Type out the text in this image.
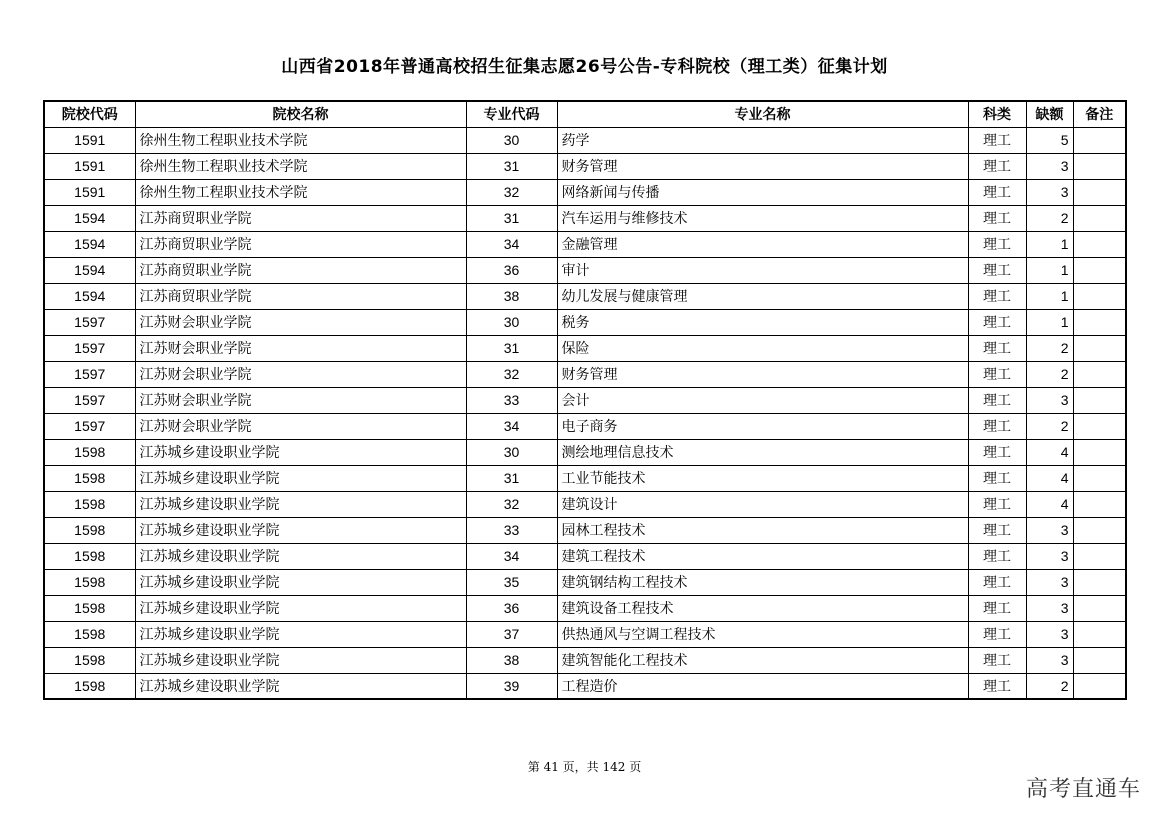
山西省2018年普通高校招生征集志愿26号公告-专科院校（理工类）征集计划
院校代码	院校名称	专业代码	专业名称	科类	缺额	备注
1591	徐州生物工程职业技术学院	30	药学	理工	5	
1591	徐州生物工程职业技术学院	31	财务管理	理工	3	
1591	徐州生物工程职业技术学院	32	网络新闻与传播	理工	3	
1594	江苏商贸职业学院	31	汽车运用与维修技术	理工	2	
1594	江苏商贸职业学院	34	金融管理	理工	1	
1594	江苏商贸职业学院	36	审计	理工	1	
1594	江苏商贸职业学院	38	幼儿发展与健康管理	理工	1	
1597	江苏财会职业学院	30	税务	理工	1	
1597	江苏财会职业学院	31	保险	理工	2	
1597	江苏财会职业学院	32	财务管理	理工	2	
1597	江苏财会职业学院	33	会计	理工	3	
1597	江苏财会职业学院	34	电子商务	理工	2	
1598	江苏城乡建设职业学院	30	测绘地理信息技术	理工	4	
1598	江苏城乡建设职业学院	31	工业节能技术	理工	4	
1598	江苏城乡建设职业学院	32	建筑设计	理工	4	
1598	江苏城乡建设职业学院	33	园林工程技术	理工	3	
1598	江苏城乡建设职业学院	34	建筑工程技术	理工	3	
1598	江苏城乡建设职业学院	35	建筑钢结构工程技术	理工	3	
1598	江苏城乡建设职业学院	36	建筑设备工程技术	理工	3	
1598	江苏城乡建设职业学院	37	供热通风与空调工程技术	理工	3	
1598	江苏城乡建设职业学院	38	建筑智能化工程技术	理工	3	
1598	江苏城乡建设职业学院	39	工程造价	理工	2	
第 41 页，共 142 页
高考直通车
